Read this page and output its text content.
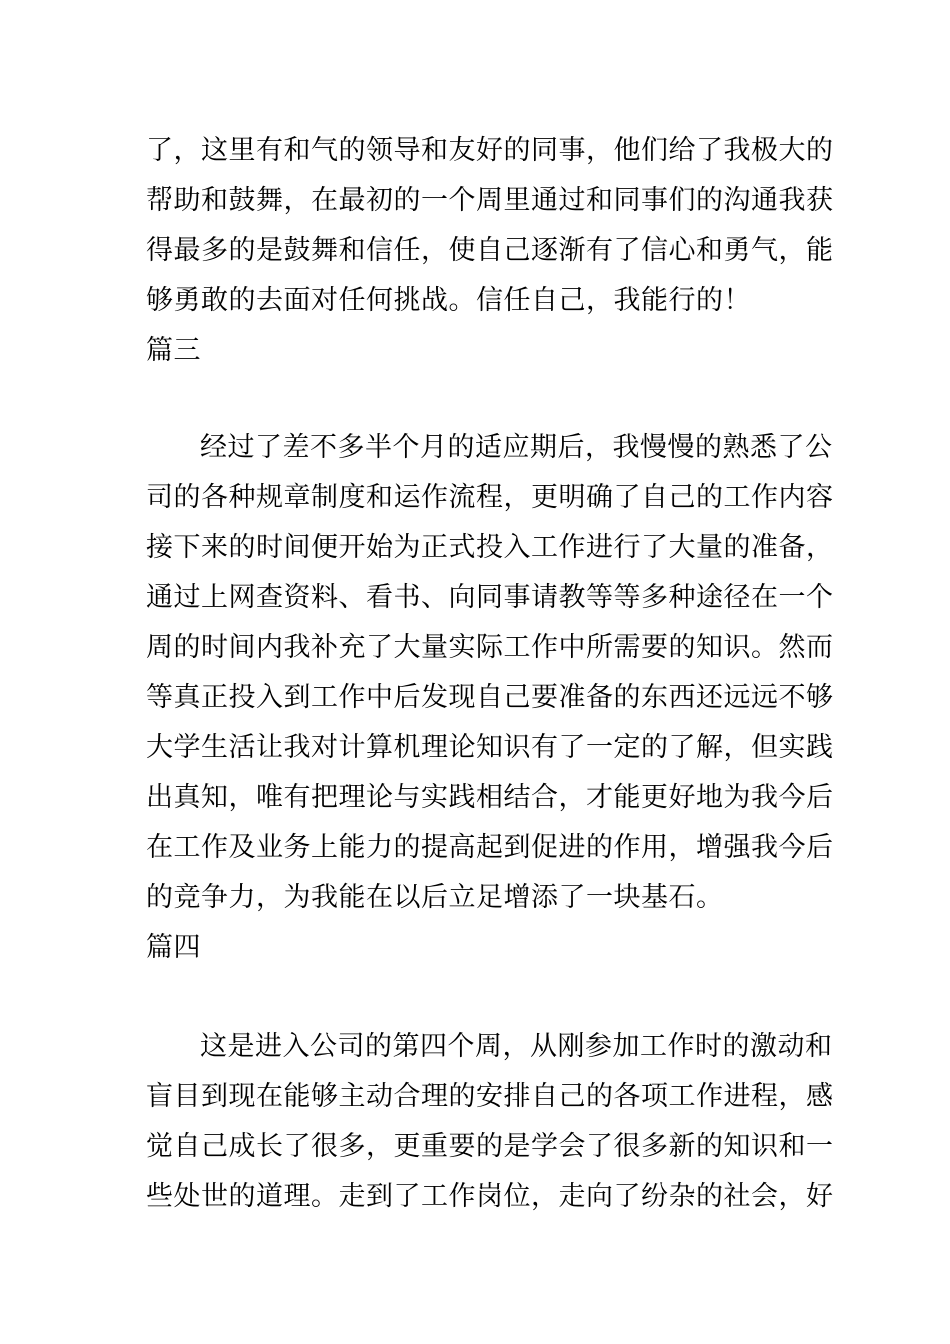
了，这里有和气的领导和友好的同事，他们给了我极大的
帮助和鼓舞，在最初的一个周里通过和同事们的沟通我获
得最多的是鼓舞和信任，使自己逐渐有了信心和勇气，能
够勇敢的去面对任何挑战。信任自己，我能行的！
篇三
经过了差不多半个月的适应期后，我慢慢的熟悉了公
司的各种规章制度和运作流程，更明确了自己的工作内容
接下来的时间便开始为正式投入工作进行了大量的准备，
通过上网查资料、看书、向同事请教等等多种途径在一个
周的时间内我补充了大量实际工作中所需要的知识。然而
等真正投入到工作中后发现自己要准备的东西还远远不够
大学生活让我对计算机理论知识有了一定的了解，但实践
出真知，唯有把理论与实践相结合，才能更好地为我今后
在工作及业务上能力的提高起到促进的作用，增强我今后
的竞争力，为我能在以后立足增添了一块基石。
篇四
这是进入公司的第四个周，从刚参加工作时的激动和
盲目到现在能够主动合理的安排自己的各项工作进程，感
觉自己成长了很多，更重要的是学会了很多新的知识和一
些处世的道理。走到了工作岗位，走向了纷杂的社会，好
